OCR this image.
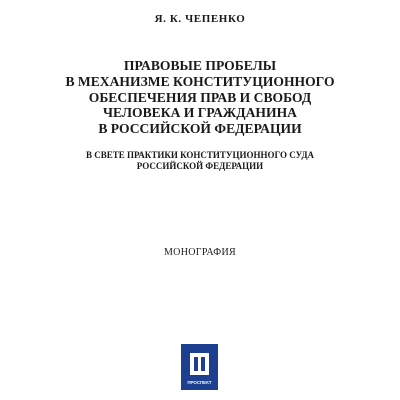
Я. К. ЧЕПЕНКО
ПРАВОВЫЕ ПРОБЕЛЫ
В МЕХАНИЗМЕ КОНСТИТУЦИОННОГО
ОБЕСПЕЧЕНИЯ ПРАВ И СВОБОД
ЧЕЛОВЕКА И ГРАЖДАНИНА
В РОССИЙСКОЙ ФЕДЕРАЦИИ
В СВЕТЕ ПРАКТИКИ КОНСТИТУЦИОННОГО СУДА
РОССИЙСКОЙ ФЕДЕРАЦИИ
МОНОГРАФИЯ
ПРОСПЕКТ
